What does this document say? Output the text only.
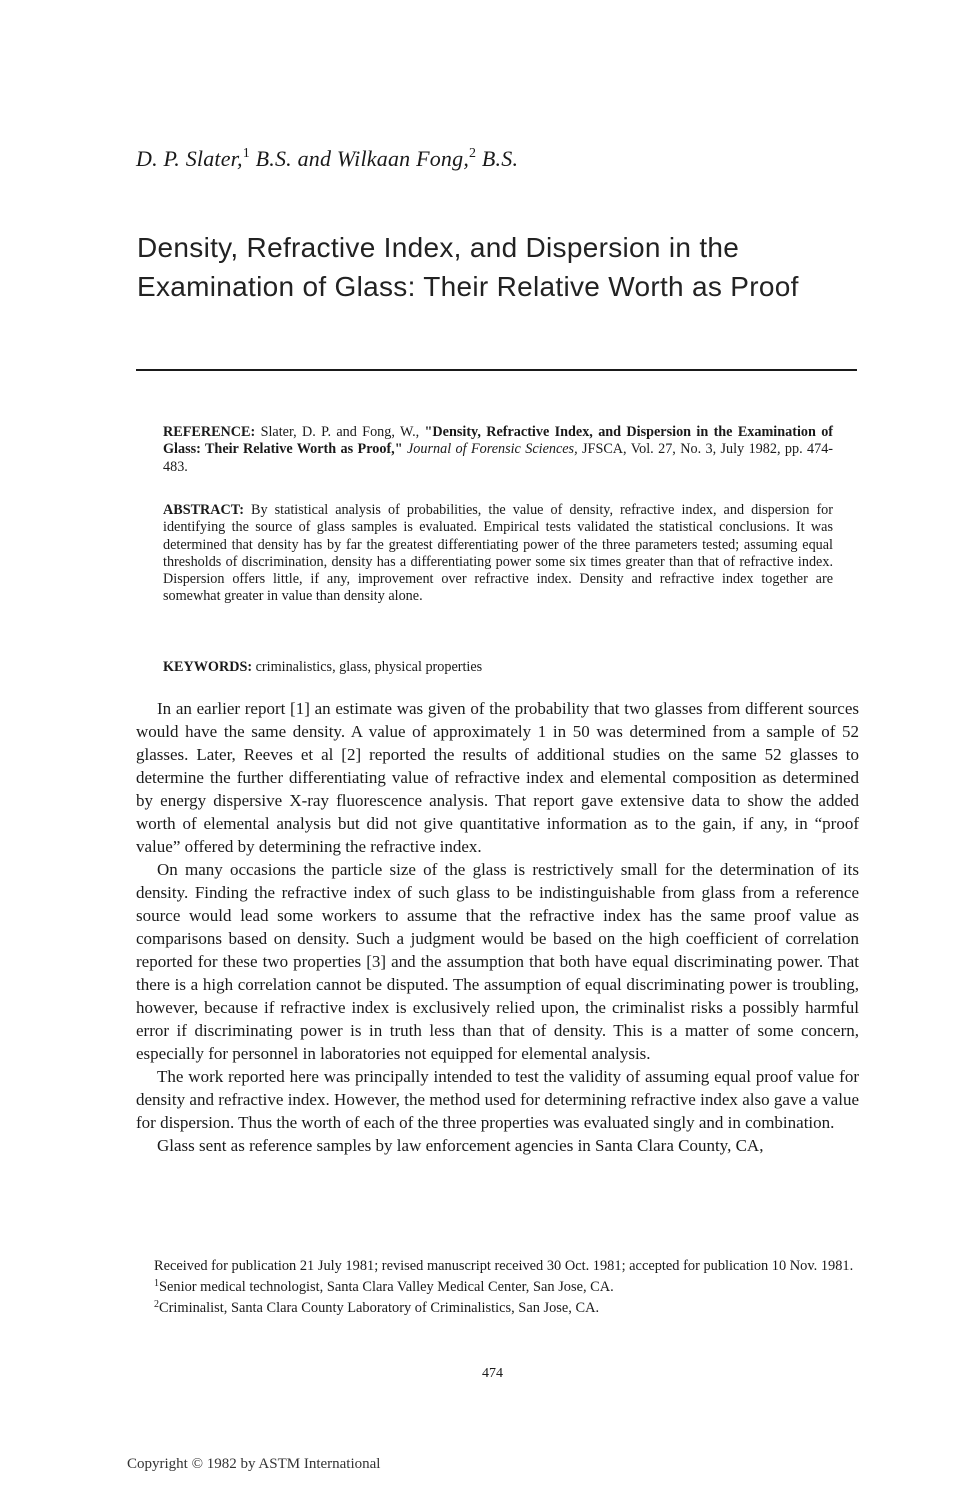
D. P. Slater,$^1$ B.S. and Wilkaan Fong,$^2$ B.S.
Density, Refractive Index, and Dispersion in the Examination of Glass: Their Relative Worth as Proof
REFERENCE: Slater, D. P. and Fong, W., "Density, Refractive Index, and Dispersion in the Examination of Glass: Their Relative Worth as Proof," Journal of Forensic Sciences, JFSCA, Vol. 27, No. 3, July 1982, pp. 474-483.
ABSTRACT: By statistical analysis of probabilities, the value of density, refractive index, and dispersion for identifying the source of glass samples is evaluated. Empirical tests validated the statistical conclusions. It was determined that density has by far the greatest differentiating power of the three parameters tested; assuming equal thresholds of discrimination, density has a differentiating power some six times greater than that of refractive index. Dispersion offers little, if any, improvement over refractive index. Density and refractive index together are somewhat greater in value than density alone.
KEYWORDS: criminalistics, glass, physical properties

In an earlier report [1] an estimate was given of the probability that two glasses from different sources would have the same density. A value of approximately 1 in 50 was determined from a sample of 52 glasses. Later, Reeves et al [2] reported the results of additional studies on the same 52 glasses to determine the further differentiating value of refractive index and elemental composition as determined by energy dispersive X-ray fluorescence analysis. That report gave extensive data to show the added worth of elemental analysis but did not give quantitative information as to the gain, if any, in “proof value” offered by determining the refractive index.

On many occasions the particle size of the glass is restrictively small for the determination of its density. Finding the refractive index of such glass to be indistinguishable from glass from a reference source would lead some workers to assume that the refractive index has the same proof value as comparisons based on density. Such a judgment would be based on the high coefficient of correlation reported for these two properties [3] and the assumption that both have equal discriminating power. That there is a high correlation cannot be disputed. The assumption of equal discriminating power is troubling, however, because if refractive index is exclusively relied upon, the criminalist risks a possibly harmful error if discriminating power is in truth less than that of density. This is a matter of some concern, especially for personnel in laboratories not equipped for elemental analysis.

The work reported here was principally intended to test the validity of assuming equal proof value for density and refractive index. However, the method used for determining refractive index also gave a value for dispersion. Thus the worth of each of the three properties was evaluated singly and in combination.

Glass sent as reference samples by law enforcement agencies in Santa Clara County, CA,

Received for publication 21 July 1981; revised manuscript received 30 Oct. 1981; accepted for publication 10 Nov. 1981.

$^1$Senior medical technologist, Santa Clara Valley Medical Center, San Jose, CA.

$^2$Criminalist, Santa Clara County Laboratory of Criminalistics, San Jose, CA.

474
Copyright © 1982 by ASTM International
